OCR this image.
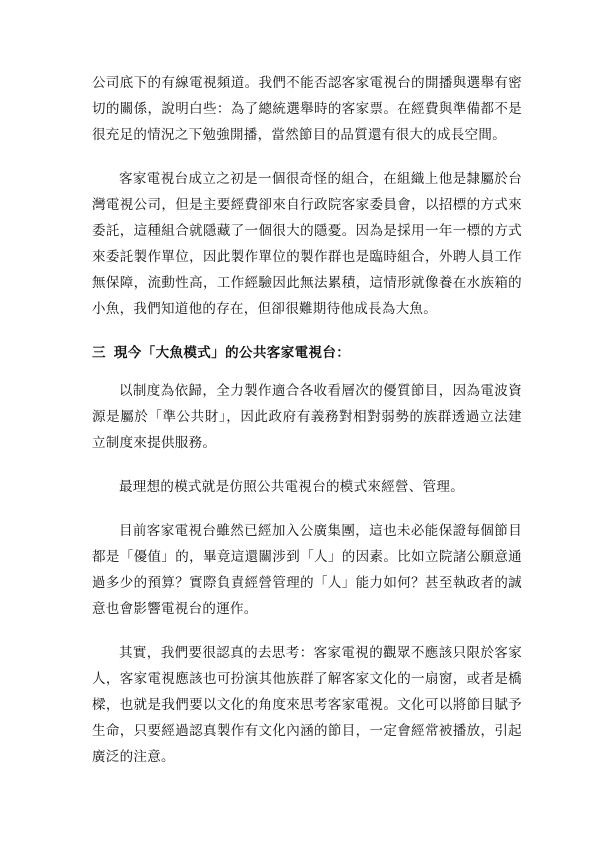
公司底下的有線電視頻道。我們不能否認客家電視台的開播與選舉有密切的關係，說明白些：為了總統選舉時的客家票。在經費與準備都不是很充足的情況之下勉強開播，當然節目的品質還有很大的成長空間。

客家電視台成立之初是一個很奇怪的組合，在組織上他是隸屬於台灣電視公司，但是主要經費卻來自行政院客家委員會，以招標的方式來委託，這種組合就隱藏了一個很大的隱憂。因為是採用一年一標的方式來委託製作單位，因此製作單位的製作群也是臨時組合，外聘人員工作無保障，流動性高，工作經驗因此無法累積，這情形就像養在水族箱的小魚，我們知道他的存在，但卻很難期待他成長為大魚。

三 現今「大魚模式」的公共客家電視台：

以制度為依歸，全力製作適合各收看層次的優質節目，因為電波資源是屬於「準公共財」，因此政府有義務對相對弱勢的族群透過立法建立制度來提供服務。

最理想的模式就是仿照公共電視台的模式來經營、管理。

目前客家電視台雖然已經加入公廣集團，這也未必能保證每個節目都是「優值」的，畢竟這還關涉到「人」的因素。比如立院諸公願意通過多少的預算？實際負責經營管理的「人」能力如何？甚至執政者的誠意也會影響電視台的運作。

其實，我們要很認真的去思考：客家電視的觀眾不應該只限於客家人，客家電視應該也可扮演其他族群了解客家文化的一扇窗，或者是橋樑，也就是我們要以文化的角度來思考客家電視。文化可以將節目賦予生命，只要經過認真製作有文化內涵的節目，一定會經常被播放，引起廣泛的注意。
